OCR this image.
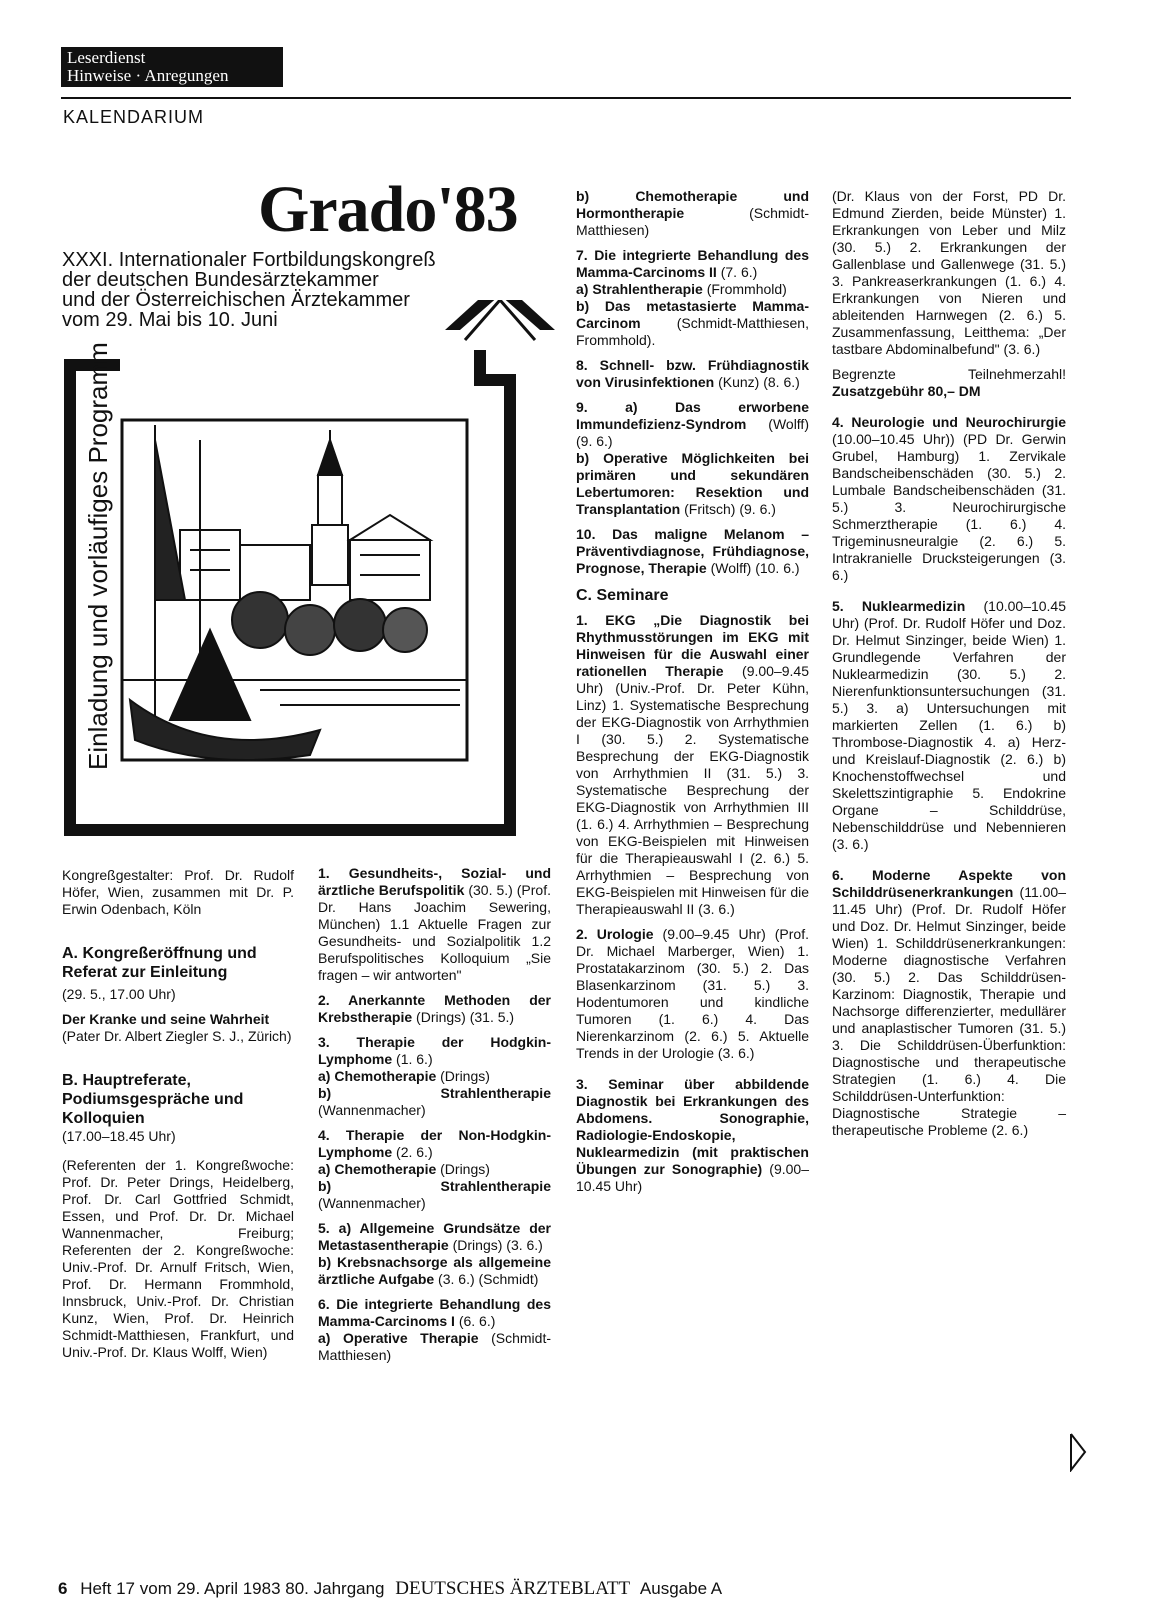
Leserdienst
Hinweise · Anregungen
KALENDARIUM
Grado'83
XXXI. Internationaler Fortbildungskongreß
der deutschen Bundesärztekammer
und der Österreichischen Ärztekammer
vom 29. Mai bis 10. Juni
Einladung und vorläufiges Programm

Kongreßgestalter: Prof. Dr. Rudolf Höfer, Wien, zusammen mit Dr. P. Erwin Odenbach, Köln

A. Kongreßeröffnung und Referat zur Einleitung

(29. 5., 17.00 Uhr)

Der Kranke und seine Wahrheit

(Pater Dr. Albert Ziegler S. J., Zürich)

B. Hauptreferate, Podiumsgespräche und Kolloquien

(17.00–18.45 Uhr)

(Referenten der 1. Kongreßwoche: Prof. Dr. Peter Drings, Heidelberg, Prof. Dr. Carl Gottfried Schmidt, Essen, und Prof. Dr. Dr. Michael Wannenmacher, Freiburg; Referenten der 2. Kongreßwoche: Univ.-Prof. Dr. Arnulf Fritsch, Wien, Prof. Dr. Hermann Frommhold, Innsbruck, Univ.-Prof. Dr. Christian Kunz, Wien, Prof. Dr. Heinrich Schmidt-Matthiesen, Frankfurt, und Univ.-Prof. Dr. Klaus Wolff, Wien)

1. Gesundheits-, Sozial- und ärztliche Berufspolitik (30. 5.) (Prof. Dr. Hans Joachim Sewering, München) 1.1 Aktuelle Fragen zur Gesundheits- und Sozialpolitik 1.2 Berufspolitisches Kolloquium „Sie fragen – wir antworten"

2. Anerkannte Methoden der Krebstherapie (Drings) (31. 5.)

3. Therapie der Hodgkin-Lymphome (1. 6.)
a) Chemotherapie (Drings)
b) Strahlentherapie (Wannenmacher)

4. Therapie der Non-Hodgkin-Lymphome (2. 6.)
a) Chemotherapie (Drings)
b) Strahlentherapie (Wannenmacher)

5. a) Allgemeine Grundsätze der Metastasentherapie (Drings) (3. 6.)
b) Krebsnachsorge als allgemeine ärztliche Aufgabe (3. 6.) (Schmidt)

6. Die integrierte Behandlung des Mamma-Carcinoms I (6. 6.)
a) Operative Therapie (Schmidt-Matthiesen)

b) Chemotherapie und Hormontherapie (Schmidt-Matthiesen)

7. Die integrierte Behandlung des Mamma-Carcinoms II (7. 6.)
a) Strahlentherapie (Frommhold)
b) Das metastasierte Mamma-Carcinom (Schmidt-Matthiesen, Frommhold).

8. Schnell- bzw. Frühdiagnostik von Virusinfektionen (Kunz) (8. 6.)

9. a) Das erworbene Immundefizienz-Syndrom (Wolff) (9. 6.)
b) Operative Möglichkeiten bei primären und sekundären Lebertumoren: Resektion und Transplantation (Fritsch) (9. 6.)

10. Das maligne Melanom – Präventivdiagnose, Frühdiagnose, Prognose, Therapie (Wolff) (10. 6.)

C. Seminare

1. EKG „Die Diagnostik bei Rhythmusstörungen im EKG mit Hinweisen für die Auswahl einer rationellen Therapie (9.00–9.45 Uhr) (Univ.-Prof. Dr. Peter Kühn, Linz) 1. Systematische Besprechung der EKG-Diagnostik von Arrhythmien I (30. 5.) 2. Systematische Besprechung der EKG-Diagnostik von Arrhythmien II (31. 5.) 3. Systematische Besprechung der EKG-Diagnostik von Arrhythmien III (1. 6.) 4. Arrhythmien – Besprechung von EKG-Beispielen mit Hinweisen für die Therapieauswahl I (2. 6.) 5. Arrhythmien – Besprechung von EKG-Beispielen mit Hinweisen für die Therapieauswahl II (3. 6.)

2. Urologie (9.00–9.45 Uhr) (Prof. Dr. Michael Marberger, Wien) 1. Prostatakarzinom (30. 5.) 2. Das Blasenkarzinom (31. 5.) 3. Hodentumoren und kindliche Tumoren (1. 6.) 4. Das Nierenkarzinom (2. 6.) 5. Aktuelle Trends in der Urologie (3. 6.)

3. Seminar über abbildende Diagnostik bei Erkrankungen des Abdomens. Sonographie, Radiologie-Endoskopie, Nuklearmedizin (mit praktischen Übungen zur Sonographie) (9.00–10.45 Uhr)

(Dr. Klaus von der Forst, PD Dr. Edmund Zierden, beide Münster) 1. Erkrankungen von Leber und Milz (30. 5.) 2. Erkrankungen der Gallenblase und Gallenwege (31. 5.) 3. Pankreaserkrankungen (1. 6.) 4. Erkrankungen von Nieren und ableitenden Harnwegen (2. 6.) 5. Zusammenfassung, Leitthema: „Der tastbare Abdominalbefund" (3. 6.)

Begrenzte Teilnehmerzahl! Zusatzgebühr 80,– DM

4. Neurologie und Neurochirurgie (10.00–10.45 Uhr)) (PD Dr. Gerwin Grubel, Hamburg) 1. Zervikale Bandscheibenschäden (30. 5.) 2. Lumbale Bandscheibenschäden (31. 5.) 3. Neurochirurgische Schmerztherapie (1. 6.) 4. Trigeminusneuralgie (2. 6.) 5. Intrakranielle Drucksteigerungen (3. 6.)

5. Nuklearmedizin (10.00–10.45 Uhr) (Prof. Dr. Rudolf Höfer und Doz. Dr. Helmut Sinzinger, beide Wien) 1. Grundlegende Verfahren der Nuklearmedizin (30. 5.) 2. Nierenfunktionsuntersuchungen (31. 5.) 3. a) Untersuchungen mit markierten Zellen (1. 6.) b) Thrombose-Diagnostik 4. a) Herz- und Kreislauf-Diagnostik (2. 6.) b) Knochenstoffwechsel und Skelettszintigraphie 5. Endokrine Organe – Schilddrüse, Nebenschilddrüse und Nebennieren (3. 6.)

6. Moderne Aspekte von Schilddrüsenerkrankungen (11.00–11.45 Uhr) (Prof. Dr. Rudolf Höfer und Doz. Dr. Helmut Sinzinger, beide Wien) 1. Schilddrüsenerkrankungen: Moderne diagnostische Verfahren (30. 5.) 2. Das Schilddrüsen-Karzinom: Diagnostik, Therapie und Nachsorge differenzierter, medullärer und anaplastischer Tumoren (31. 5.) 3. Die Schilddrüsen-Überfunktion: Diagnostische und therapeutische Strategien (1. 6.) 4. Die Schilddrüsen-Unterfunktion: Diagnostische Strategie – therapeutische Probleme (2. 6.)

6 Heft 17 vom 29. April 1983 80. Jahrgang DEUTSCHES ÄRZTEBLATT Ausgabe A
